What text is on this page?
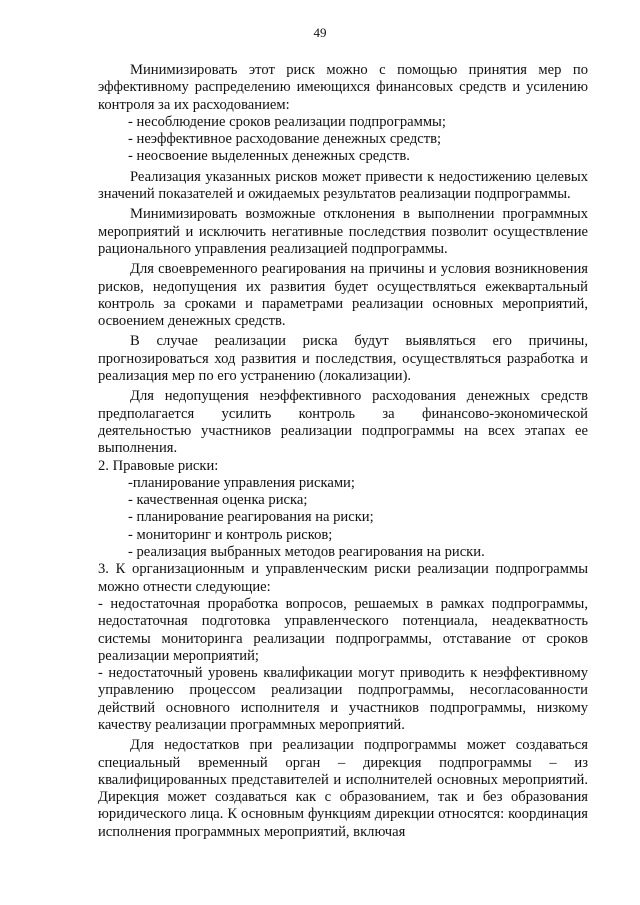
49

Минимизировать этот риск можно с помощью принятия мер по эффективному распределению имеющихся финансовых средств и усилению контроля за их расходованием:

- несоблюдение сроков реализации подпрограммы;

- неэффективное расходование денежных средств;

- неосвоение выделенных денежных средств.

Реализация указанных рисков может привести к недостижению целевых значений показателей и ожидаемых результатов реализации подпрограммы.

Минимизировать возможные отклонения в выполнении программных мероприятий и исключить негативные последствия позволит осуществление рационального управления реализацией подпрограммы.

Для своевременного реагирования на причины и условия возникновения рисков, недопущения их развития будет осуществляться ежеквартальный контроль за сроками и параметрами реализации основных мероприятий, освоением денежных средств.

В случае реализации риска будут выявляться его причины, прогнозироваться ход развития и последствия, осуществляться разработка и реализация мер по его устранению (локализации).

Для недопущения неэффективного расходования денежных средств предполагается усилить контроль за финансово-экономической деятельностью участников реализации подпрограммы на всех этапах ее выполнения.

2. Правовые риски:

-планирование управления рисками;

- качественная оценка риска;

- планирование реагирования на риски;

- мониторинг и контроль рисков;

- реализация выбранных методов реагирования на риски.

3. К организационным и управленческим риски реализации подпрограммы можно отнести следующие:

- недостаточная проработка вопросов, решаемых в рамках подпрограммы, недостаточная подготовка управленческого потенциала, неадекватность системы мониторинга реализации подпрограммы, отставание от сроков реализации мероприятий;

- недостаточный уровень квалификации могут приводить к неэффективному управлению процессом реализации подпрограммы, несогласованности действий основного исполнителя и участников подпрограммы, низкому качеству реализации программных мероприятий.

Для недостатков при реализации подпрограммы может создаваться специальный временный орган – дирекция подпрограммы – из квалифицированных представителей и исполнителей основных мероприятий. Дирекция может создаваться как с образованием, так и без образования юридического лица. К основным функциям дирекции относятся: координация исполнения программных мероприятий, включая
